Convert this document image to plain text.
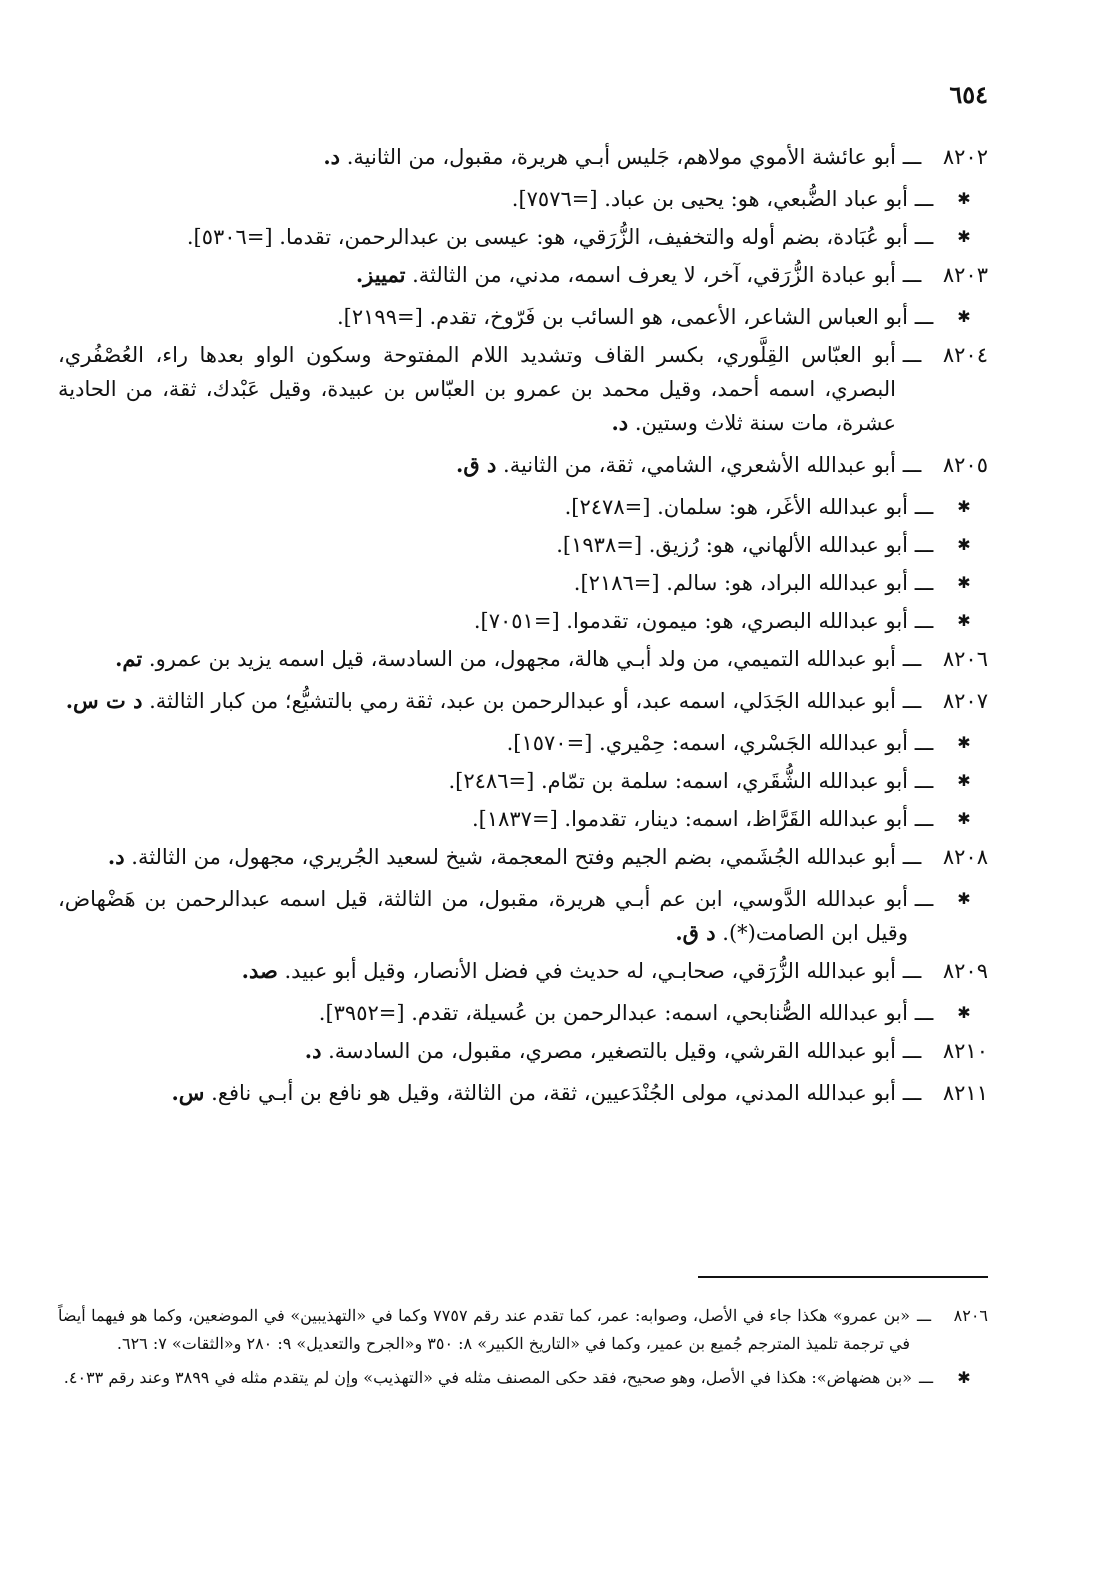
٦٥٤
٨٢٠٢
ـــ
أبو عائشة الأموي مولاهم، جَليس أبـي هريرة، مقبول، من الثانية. د.
✱
ـــ
أبو عباد الضُّبعي، هو: يحيى بن عباد. [=٧٥٧٦].
✱
ـــ
أبو عُبَادة، بضم أوله والتخفيف، الزُّرَقي، هو: عيسى بن عبدالرحمن، تقدما. [=٥٣٠٦].
٨٢٠٣
ـــ
أبو عبادة الزُّرَقي، آخر، لا يعرف اسمه، مدني، من الثالثة. تمييز.
✱
ـــ
أبو العباس الشاعر، الأعمى، هو السائب بن فَرّوخ، تقدم. [=٢١٩٩].
٨٢٠٤
ـــ
أبو العبّاس القِلَّوري، بكسر القاف وتشديد اللام المفتوحة وسكون الواو بعدها راء، العُصْفُري، البصري، اسمه أحمد، وقيل محمد بن عمرو بن العبّاس بن عبيدة، وقيل عَبْدك، ثقة، من الحادية عشرة، مات سنة ثلاث وستين. د.
٨٢٠٥
ـــ
أبو عبدالله الأشعري، الشامي، ثقة، من الثانية. د ق.
✱
ـــ
أبو عبدالله الأغَر، هو: سلمان. [=٢٤٧٨].
✱
ـــ
أبو عبدالله الألهاني، هو: رُزيق. [=١٩٣٨].
✱
ـــ
أبو عبدالله البراد، هو: سالم. [=٢١٨٦].
✱
ـــ
أبو عبدالله البصري، هو: ميمون، تقدموا. [=٧٠٥١].
٨٢٠٦
ـــ
أبو عبدالله التميمي، من ولد أبـي هالة، مجهول، من السادسة، قيل اسمه يزيد بن عمرو. تم.
٨٢٠٧
ـــ
أبو عبدالله الجَدَلي، اسمه عبد، أو عبدالرحمن بن عبد، ثقة رمي بالتشيُّع؛ من كبار الثالثة. د ت س.
✱
ـــ
أبو عبدالله الجَسْري، اسمه: حِمْيري. [=١٥٧٠].
✱
ـــ
أبو عبدالله الشُّقَري، اسمه: سلمة بن تمّام. [=٢٤٨٦].
✱
ـــ
أبو عبدالله القَرَّاظ، اسمه: دينار، تقدموا. [=١٨٣٧].
٨٢٠٨
ـــ
أبو عبدالله الجُشَمي، بضم الجيم وفتح المعجمة، شيخ لسعيد الجُريري، مجهول، من الثالثة. د.
✱
ـــ
أبو عبدالله الدَّوسي، ابن عم أبـي هريرة، مقبول، من الثالثة، قيل اسمه عبدالرحمن بن هَضْهاض، وقيل ابن الصامت(*). د ق.
٨٢٠٩
ـــ
أبو عبدالله الزُّرَقي، صحابـي، له حديث في فضل الأنصار، وقيل أبو عبيد. صد.
✱
ـــ
أبو عبدالله الصُّنابحي، اسمه: عبدالرحمن بن عُسيلة، تقدم. [=٣٩٥٢].
٨٢١٠
ـــ
أبو عبدالله القرشي، وقيل بالتصغير، مصري، مقبول، من السادسة. د.
٨٢١١
ـــ
أبو عبدالله المدني، مولى الجُنْدَعيين، ثقة، من الثالثة، وقيل هو نافع بن أبـي نافع. س.
٨٢٠٦
ـــ
«بن عمرو» هكذا جاء في الأصل، وصوابه: عمر، كما تقدم عند رقم ٧٧٥٧ وكما في «التهذيبين» في الموضعين، وكما هو فيهما أيضاً في ترجمة تلميذ المترجم جُميع بن عمير، وكما في «التاريخ الكبير» ٨: ٣٥٠ و«الجرح والتعديل» ٩: ٢٨٠ و«الثقات» ٧: ٦٢٦.
✱
ـــ
«بن هضهاض»: هكذا في الأصل، وهو صحيح، فقد حكى المصنف مثله في «التهذيب» وإن لم يتقدم مثله في ٣٨٩٩ وعند رقم ٤٠٣٣.
